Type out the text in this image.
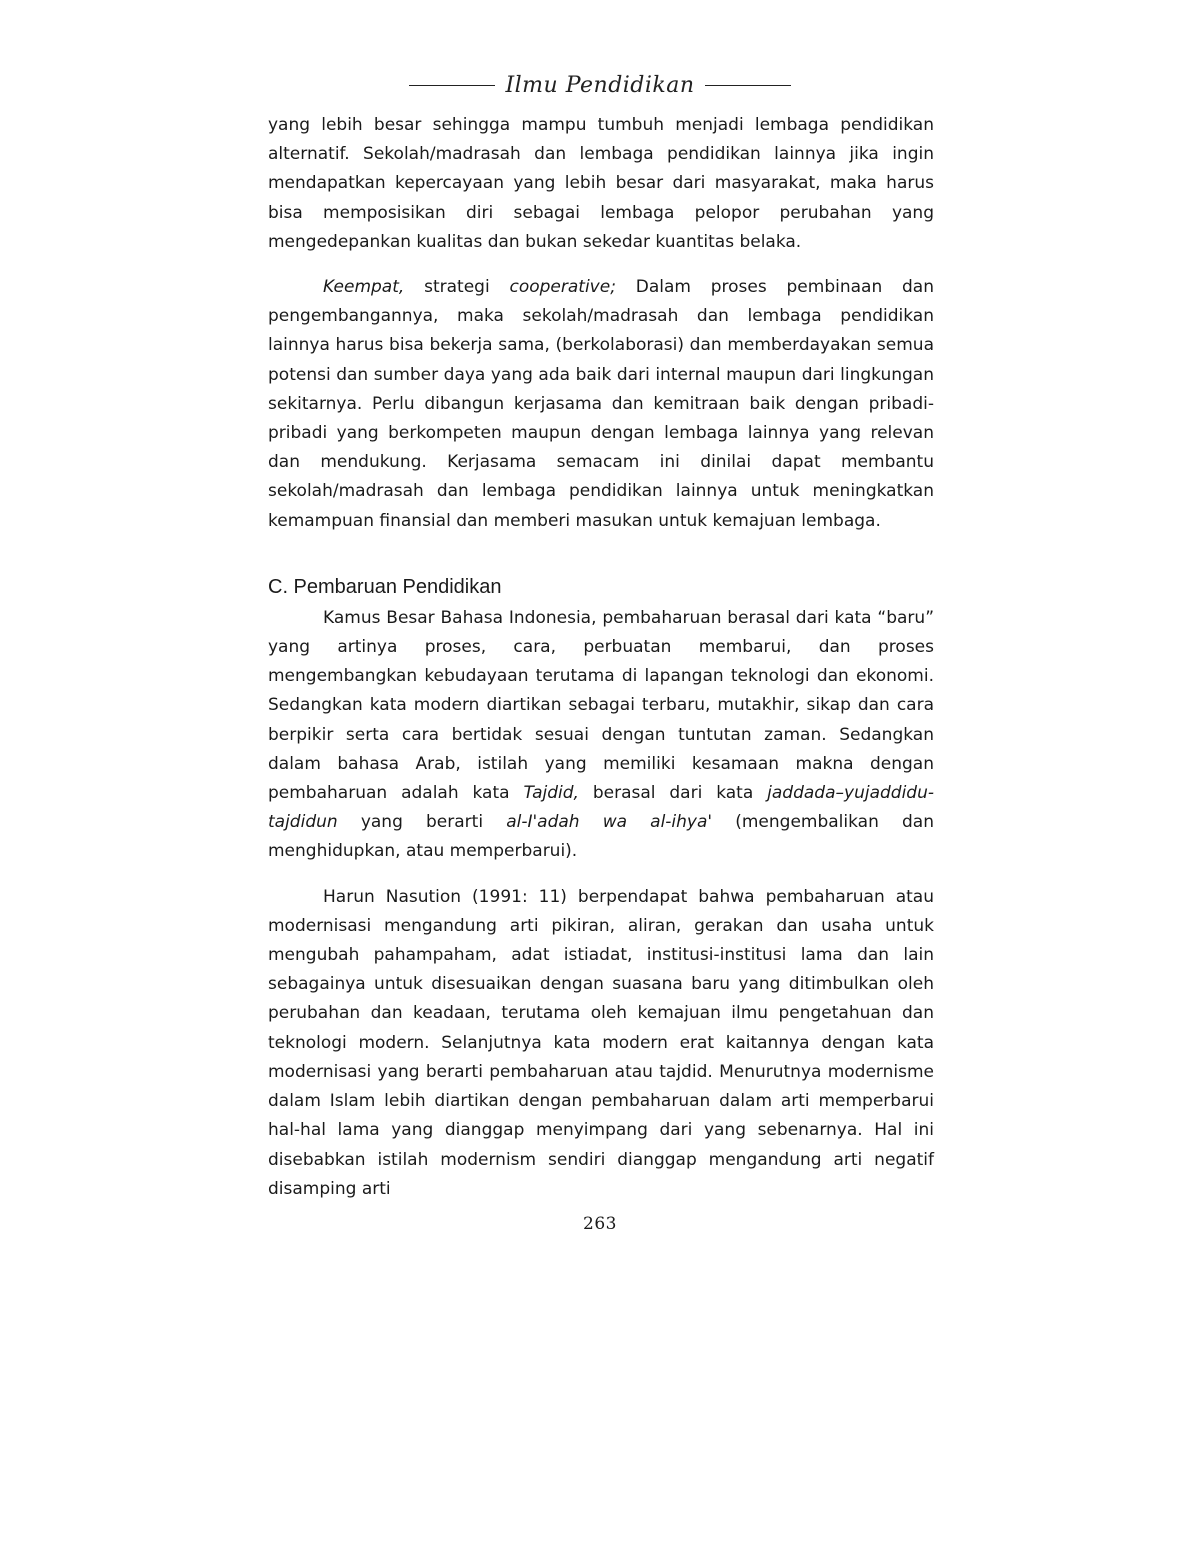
Ilmu Pendidikan

yang lebih besar sehingga mampu tumbuh menjadi lembaga pendidikan alternatif. Sekolah/madrasah dan lembaga pendidikan lainnya jika ingin mendapatkan kepercayaan yang lebih besar dari masyarakat, maka harus bisa memposisikan diri sebagai lembaga pelopor perubahan yang mengedepankan kualitas dan bukan sekedar kuantitas belaka.

Keempat, strategi cooperative; Dalam proses pembinaan dan pengembangannya, maka sekolah/madrasah dan lembaga pendidikan lainnya harus bisa bekerja sama, (berkolaborasi) dan memberdayakan semua potensi dan sumber daya yang ada baik dari internal maupun dari lingkungan sekitarnya. Perlu dibangun kerjasama dan kemitraan baik dengan pribadi-pribadi yang berkompeten maupun dengan lembaga lainnya yang relevan dan mendukung. Kerjasama semacam ini dinilai dapat membantu sekolah/madrasah dan lembaga pendidikan lainnya untuk meningkatkan kemampuan finansial dan memberi masukan untuk kemajuan lembaga.

C. Pembaruan Pendidikan

Kamus Besar Bahasa Indonesia, pembaharuan berasal dari kata “baru” yang artinya proses, cara, perbuatan membarui, dan proses mengembangkan kebudayaan terutama di lapangan teknologi dan ekonomi. Sedangkan kata modern diartikan sebagai terbaru, mutakhir, sikap dan cara berpikir serta cara bertidak sesuai dengan tuntutan zaman. Sedangkan dalam bahasa Arab, istilah yang memiliki kesamaan makna dengan pembaharuan adalah kata Tajdid, berasal dari kata jaddada–yujaddidu-tajdidun yang berarti al-I'adah wa al-ihya' (mengembalikan dan menghidupkan, atau memperbarui).

Harun Nasution (1991: 11) berpendapat bahwa pembaharuan atau modernisasi mengandung arti pikiran, aliran, gerakan dan usaha untuk mengubah pahampaham, adat istiadat, institusi-institusi lama dan lain sebagainya untuk disesuaikan dengan suasana baru yang ditimbulkan oleh perubahan dan keadaan, terutama oleh kemajuan ilmu pengetahuan dan teknologi modern. Selanjutnya kata modern erat kaitannya dengan kata modernisasi yang berarti pembaharuan atau tajdid. Menurutnya modernisme dalam Islam lebih diartikan dengan pembaharuan dalam arti memperbarui hal-hal lama yang dianggap menyimpang dari yang sebenarnya. Hal ini disebabkan istilah modernism sendiri dianggap mengandung arti negatif disamping arti

263
